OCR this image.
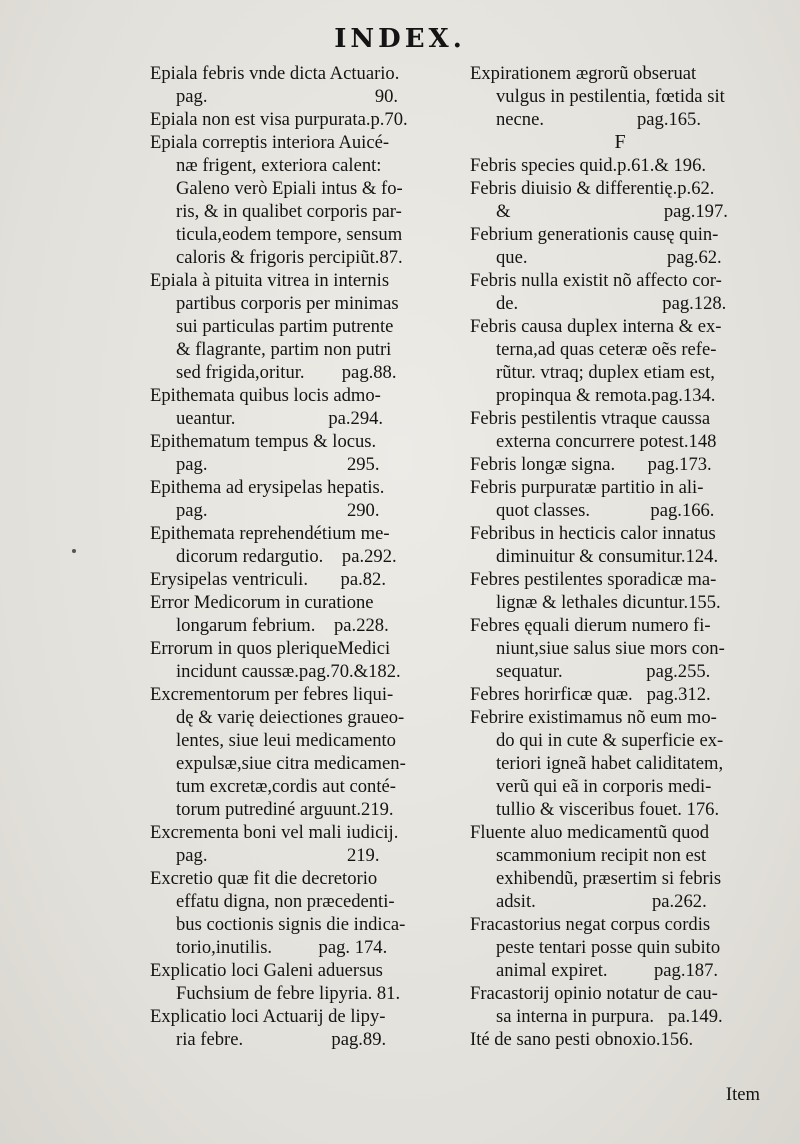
INDEX.
Epiala febris vnde dicta Actuario.
pag.                                    90.
Epiala non est visa purpurata.p.70.
Epiala correptis interiora Auicé-
næ frigent, exteriora calent:
Galeno verò Epiali intus & fo-
ris, & in qualibet corporis par-
ticula,eodem tempore, sensum
caloris & frigoris percipiũt.87.
Epiala à pituita vitrea in internis
partibus corporis per minimas
sui particulas partim putrente
& flagrante, partim non putri
sed frigida,oritur.        pag.88.
Epithemata quibus locis admo-
ueantur.                    pa.294.
Epithematum tempus & locus.
pag.                              295.
Epithema ad erysipelas hepatis.
pag.                              290.
Epithemata reprehendétium me-
dicorum redargutio.    pa.292.
Erysipelas ventriculi.       pa.82.
Error Medicorum in curatione
longarum febrium.    pa.228.
Errorum in quos pleriqueMedici
incidunt caussæ.pag.70.&182.
Excrementorum per febres liqui-
dę & varię deiectiones graueo-
lentes, siue leui medicamento
expulsæ,siue citra medicamen-
tum excretæ,cordis aut conté-
torum putrediné arguunt.219.
Excrementa boni vel mali iudicij.
pag.                              219.
Excretio quæ fit die decretorio
effatu digna, non præcedenti-
bus coctionis signis die indica-
torio,inutilis.          pag. 174.
Explicatio loci Galeni aduersus
Fuchsium de febre lipyria. 81.
Explicatio loci Actuarij de lipy-
ria febre.                   pag.89.
Expirationem ægrorũ obseruat
vulgus in pestilentia, fœtida sit
necne.                    pag.165.
F
Febris species quid.p.61.& 196.
Febris diuisio & differentię.p.62.
&                                 pag.197.
Febrium generationis causę quin-
que.                              pag.62.
Febris nulla existit nõ affecto cor-
de.                               pag.128.
Febris causa duplex interna & ex-
terna,ad quas ceteræ oẽs refe-
rũtur. vtraq; duplex etiam est,
propinqua & remota.pag.134.
Febris pestilentis vtraque caussa
externa concurrere potest.148
Febris longæ signa.       pag.173.
Febris purpuratæ partitio in ali-
quot classes.             pag.166.
Febribus in hecticis calor innatus
diminuitur & consumitur.124.
Febres pestilentes sporadicæ ma-
lignæ & lethales dicuntur.155.
Febres ęquali dierum numero fi-
niunt,siue salus siue mors con-
sequatur.                  pag.255.
Febres horirficæ quæ.   pag.312.
Febrire existimamus nõ eum mo-
do qui in cute & superficie ex-
teriori igneã habet caliditatem,
verũ qui eã in corporis medi-
tullio & visceribus fouet. 176.
Fluente aluo medicamentũ quod
scammonium recipit non est
exhibendũ, præsertim si febris
adsit.                         pa.262.
Fracastorius negat corpus cordis
peste tentari posse quin subito
animal expiret.          pag.187.
Fracastorij opinio notatur de cau-
sa interna in purpura.   pa.149.
Ité de sano pesti obnoxio.156.
Item
